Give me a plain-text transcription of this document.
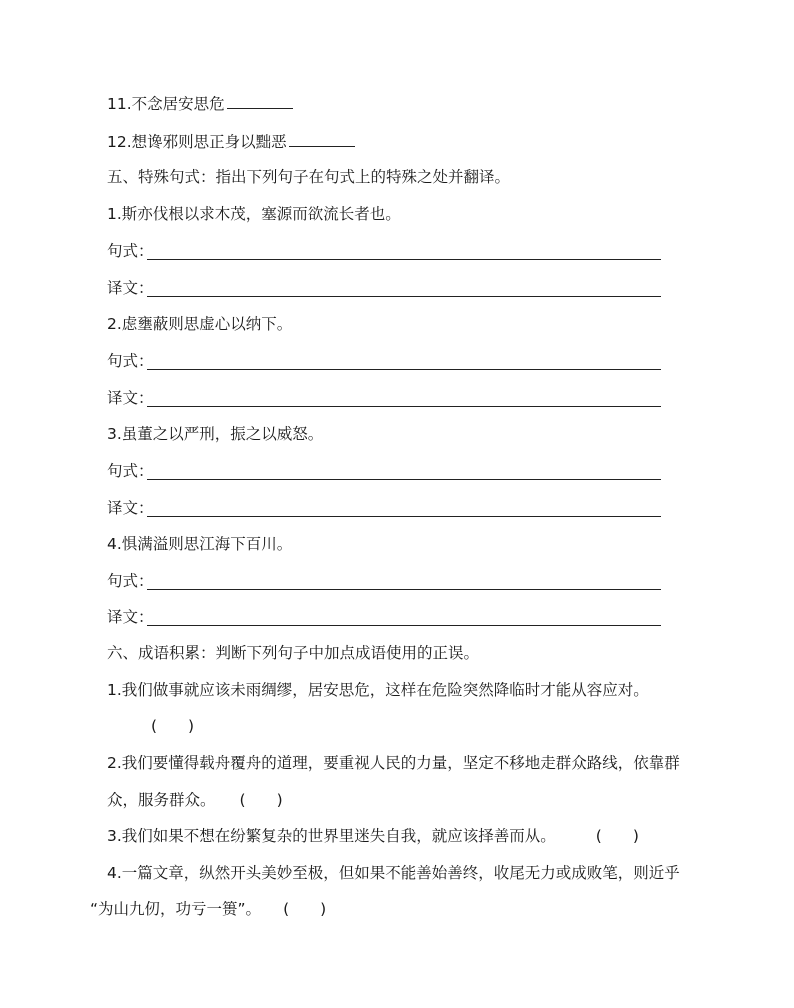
11.不念居安思危
12.想谗邪则思正身以黜恶
五、特殊句式：指出下列句子在句式上的特殊之处并翻译。
1.斯亦伐根以求木茂，塞源而欲流长者也。
句式：
译文：
2.虑壅蔽则思虚心以纳下。
句式：
译文：
3.虽董之以严刑，振之以威怒。
句式：
译文：
4.惧满溢则思江海下百川。
句式：
译文：
六、成语积累：判断下列句子中加点成语使用的正误。
1.我们做事就应该未雨绸缪，居安思危，这样在危险突然降临时才能从容应对。
(　　)
2.我们要懂得载舟覆舟的道理，要重视人民的力量，坚定不移地走群众路线，依靠群
众，服务群众。 (　　)
3.我们如果不想在纷繁复杂的世界里迷失自我，就应该择善而从。	(　　)
4.一篇文章，纵然开头美妙至极，但如果不能善始善终，收尾无力或成败笔，则近乎
“为山九仞，功亏一篑”。 (　　)
